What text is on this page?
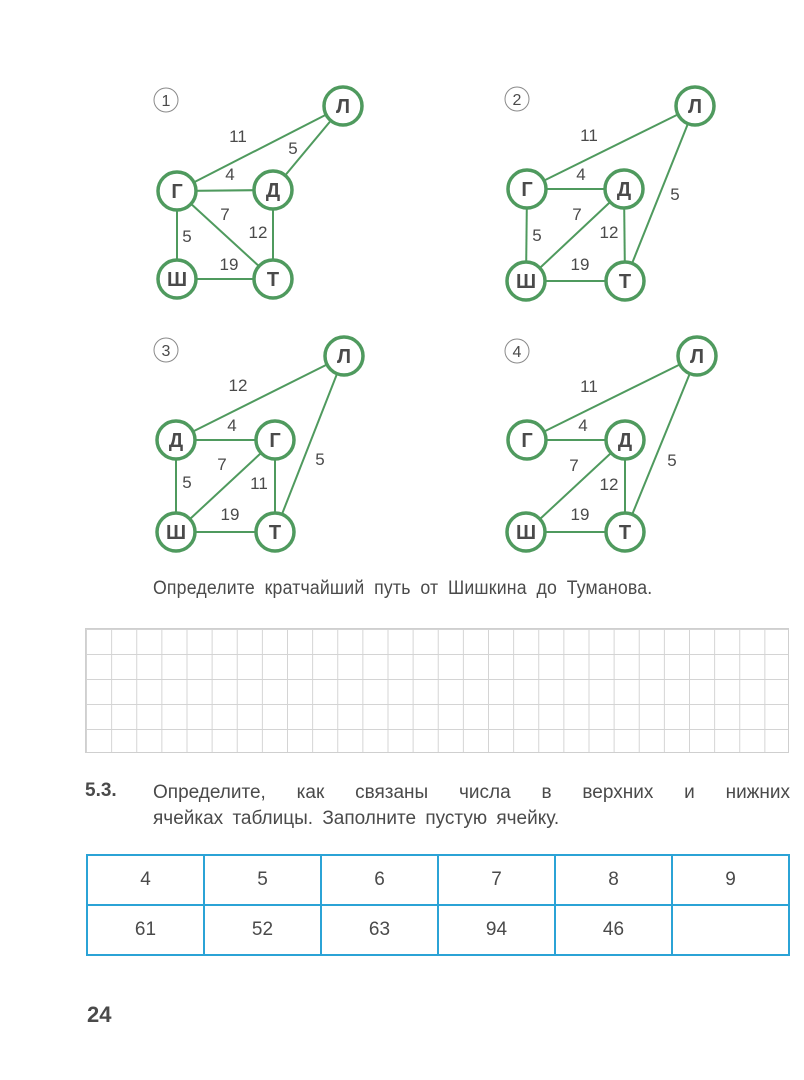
1
11
5
4
7
12
5
19
Г	Д
Л
Ш	Т
2
11
4
7
12
5
5
19
Г	Д
Л
Ш	Т
3
12
4
7
11
5
5
19
Д	Г
Л
Ш	Т
4
11
4
7
12
5
19
Г	Д
Л
Ш	Т
Определите кратчайший путь от Шишкина до Туманова.
5.3. Определите, как связаны числа в верхних и нижних
ячейках таблицы. Заполните пустую ячейку.
4	5	6	7	8	9
61	52	63	94	46	
24
